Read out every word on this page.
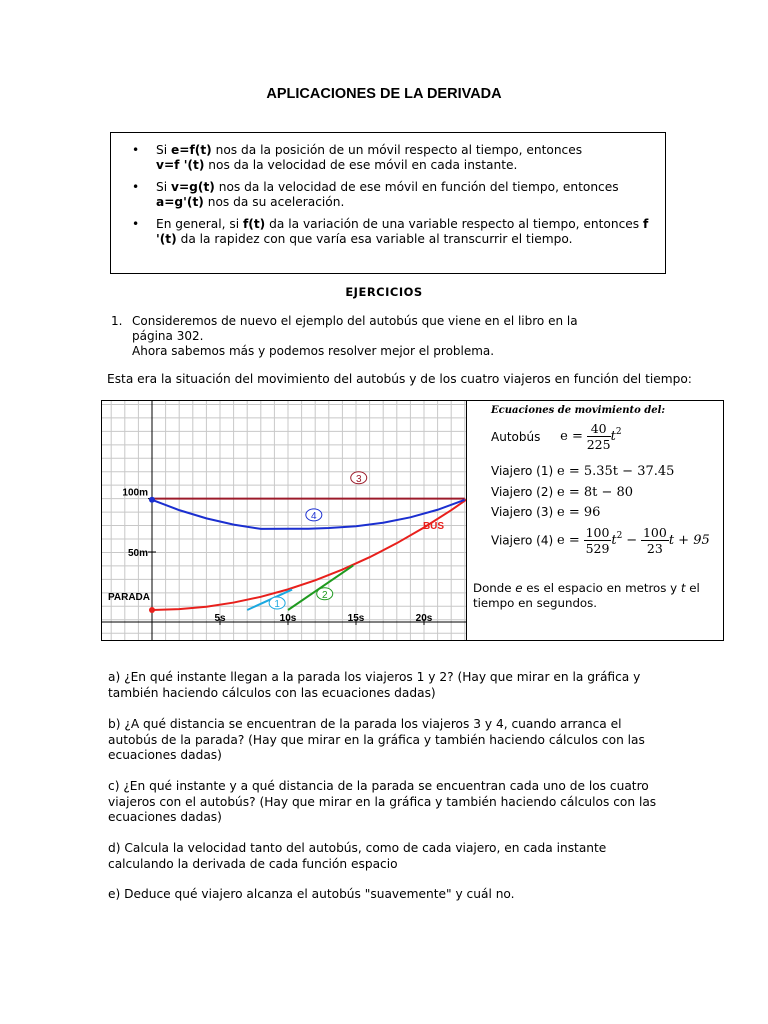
APLICACIONES DE LA DERIVADA
• Si e=f(t) nos da la posición de un móvil respecto al tiempo, entonces
v=f '(t) nos da la velocidad de ese móvil en cada instante.
• Si v=g(t) nos da la velocidad de ese móvil en función del tiempo, entonces
a=g'(t) nos da su aceleración.
• En general, si f(t) da la variación de una variable respecto al tiempo, entonces f '(t) da la rapidez con que varía esa variable al transcurrir el tiempo.
EJERCICIOS
1. Consideremos de nuevo el ejemplo del autobús que viene en el libro en la
página 302.
Ahora sabemos más y podemos resolver mejor el problema.
Esta era la situación del movimiento del autobús y de los cuatro viajeros en función del tiempo:
1
2
3
4
100m
50m
PARADA
BUS
5s	10s	15s	20s
Ecuaciones de movimiento del:
Autobús $e = \frac{40}{225} t^2$
Viajero (1) e = 5.35t − 37.45
Viajero (2) e = 8t − 80
Viajero (3) e = 96
Viajero (4) $e = \frac{100}{529} t^2 - \frac{100}{23}$ t + 95
Donde e es el espacio en metros y t el tiempo en segundos.
a) ¿En qué instante llegan a la parada los viajeros 1 y 2? (Hay que mirar en la gráfica y también haciendo cálculos con las ecuaciones dadas)
b) ¿A qué distancia se encuentran de la parada los viajeros 3 y 4, cuando arranca el autobús de la parada? (Hay que mirar en la gráfica y también haciendo cálculos con las ecuaciones dadas)
c) ¿En qué instante y a qué distancia de la parada se encuentran cada uno de los cuatro viajeros con el autobús? (Hay que mirar en la gráfica y también haciendo cálculos con las ecuaciones dadas)
d) Calcula la velocidad tanto del autobús, como de cada viajero, en cada instante calculando la derivada de cada función espacio
e) Deduce qué viajero alcanza el autobús "suavemente" y cuál no.
